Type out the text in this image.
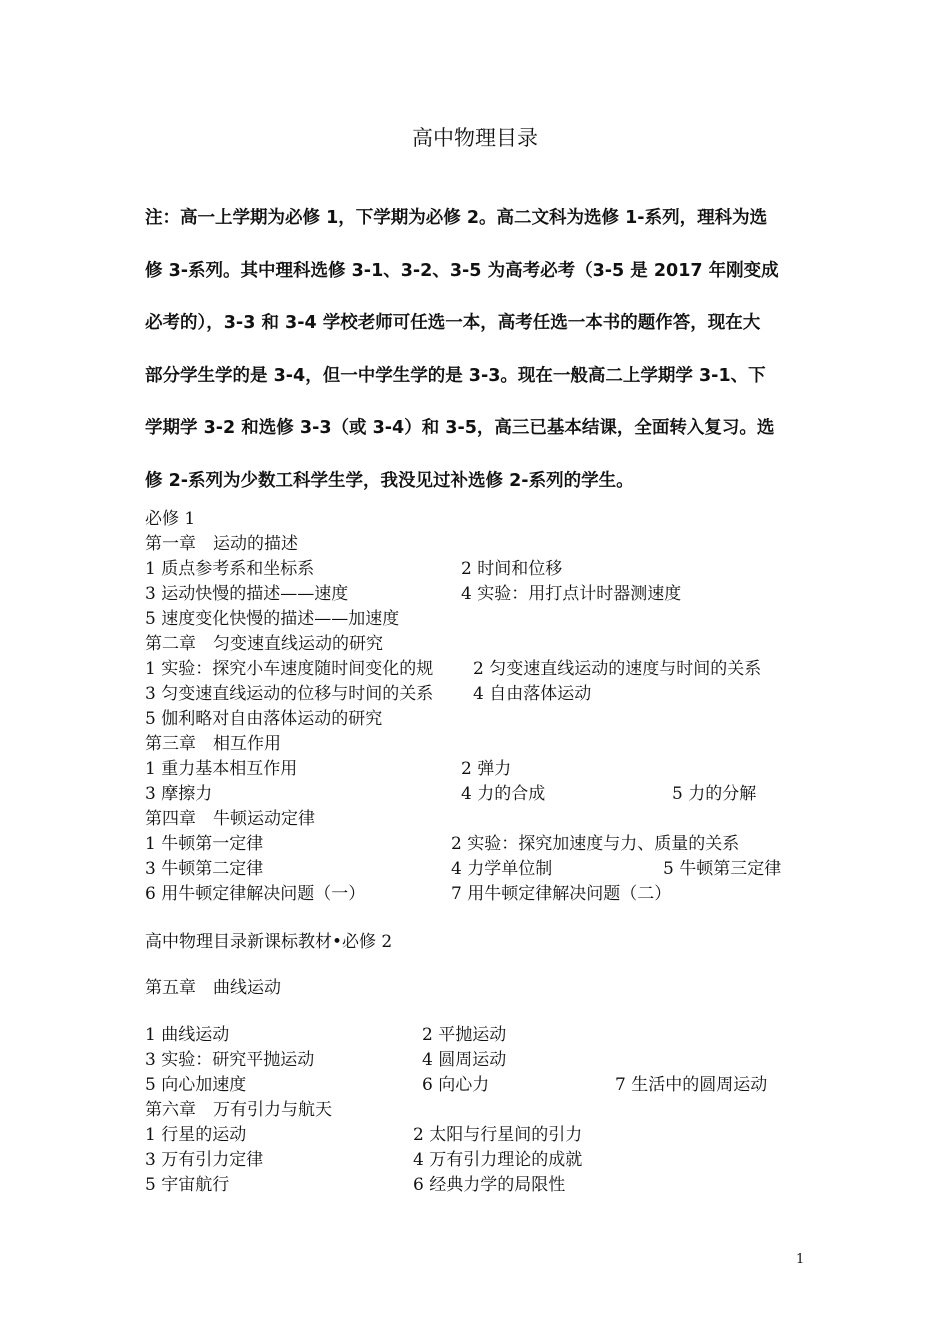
高中物理目录
注：高一上学期为必修 1，下学期为必修 2。高二文科为选修 1-系列，理科为选
修 3-系列。其中理科选修 3-1、3-2、3-5 为高考必考（3-5 是 2017 年刚变成
必考的），3-3 和 3-4 学校老师可任选一本，高考任选一本书的题作答，现在大
部分学生学的是 3-4，但一中学生学的是 3-3。现在一般高二上学期学 3-1、下
学期学 3-2 和选修 3-3（或 3-4）和 3-5，高三已基本结课，全面转入复习。选
修 2-系列为少数工科学生学，我没见过补选修 2-系列的学生。
必修 1
第一章　运动的描述
1 质点参考系和坐标系	2 时间和位移
3 运动快慢的描述——速度	4 实验：用打点计时器测速度
5 速度变化快慢的描述——加速度
第二章　匀变速直线运动的研究
1 实验：探究小车速度随时间变化的规 2 匀变速直线运动的速度与时间的关系
3 匀变速直线运动的位移与时间的关系 4 自由落体运动
5 伽利略对自由落体运动的研究
第三章　相互作用
1 重力基本相互作用	2 弹力
3 摩擦力	4 力的合成	5 力的分解
第四章　牛顿运动定律
1 牛顿第一定律	2 实验：探究加速度与力、质量的关系
3 牛顿第二定律	4 力学单位制	5 牛顿第三定律
6 用牛顿定律解决问题（一）	7 用牛顿定律解决问题（二）
高中物理目录新课标教材•必修 2
第五章　曲线运动
1 曲线运动	2 平抛运动
3 实验：研究平抛运动	4 圆周运动
5 向心加速度	6 向心力	7 生活中的圆周运动
第六章　万有引力与航天
1 行星的运动	2 太阳与行星间的引力
3 万有引力定律	4 万有引力理论的成就
5 宇宙航行	6 经典力学的局限性
1
